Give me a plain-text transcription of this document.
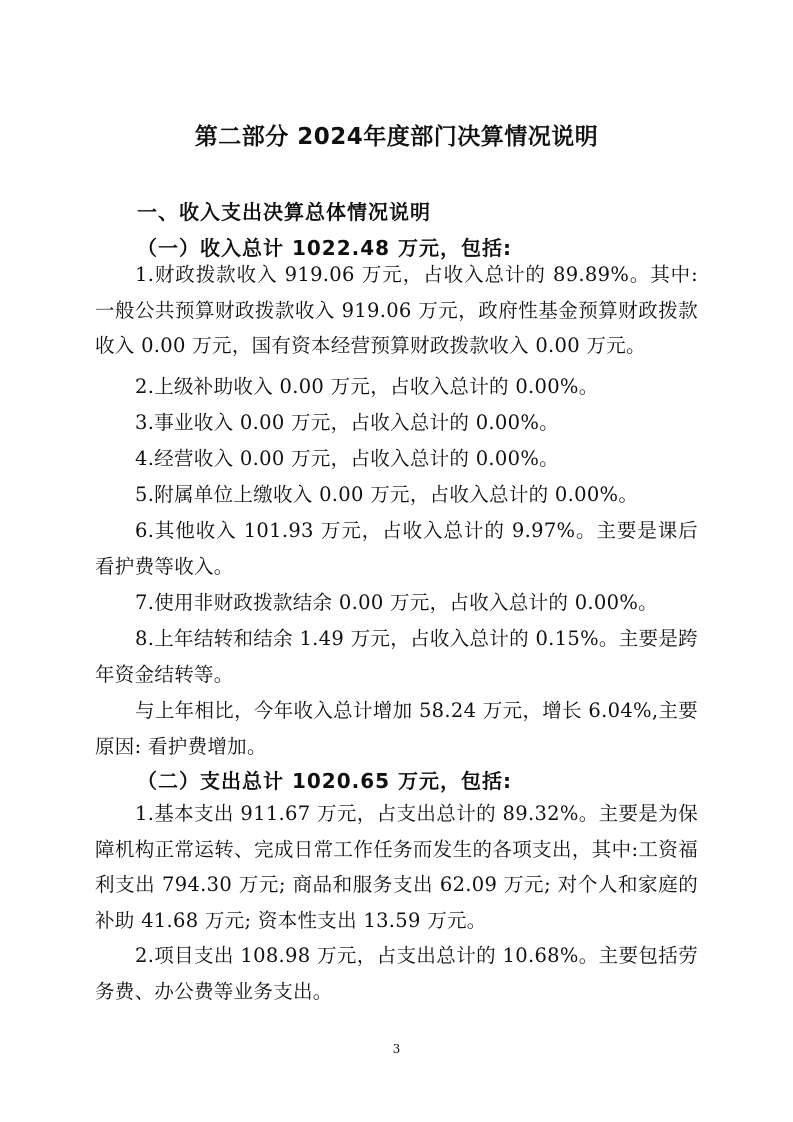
第二部分 2024年度部门决算情况说明
一、收入支出决算总体情况说明
（一）收入总计 1022.48 万元，包括:

1.财政拨款收入 919.06 万元，占收入总计的 89.89%。其中:一般公共预算财政拨款收入 919.06 万元，政府性基金预算财政拨款收入 0.00 万元，国有资本经营预算财政拨款收入 0.00 万元。

2.上级补助收入 0.00 万元，占收入总计的 0.00%。

3.事业收入 0.00 万元，占收入总计的 0.00%。

4.经营收入 0.00 万元，占收入总计的 0.00%。

5.附属单位上缴收入 0.00 万元，占收入总计的 0.00%。

6.其他收入 101.93 万元，占收入总计的 9.97%。主要是课后看护费等收入。

7.使用非财政拨款结余 0.00 万元，占收入总计的 0.00%。

8.上年结转和结余 1.49 万元，占收入总计的 0.15%。主要是跨年资金结转等。

与上年相比，今年收入总计增加 58.24 万元，增长 6.04%,主要原因: 看护费增加。

（二）支出总计 1020.65 万元，包括:

1.基本支出 911.67 万元，占支出总计的 89.32%。主要是为保障机构正常运转、完成日常工作任务而发生的各项支出，其中:工资福利支出 794.30 万元; 商品和服务支出 62.09 万元; 对个人和家庭的补助 41.68 万元; 资本性支出 13.59 万元。

2.项目支出 108.98 万元，占支出总计的 10.68%。主要包括劳务费、办公费等业务支出。

3
